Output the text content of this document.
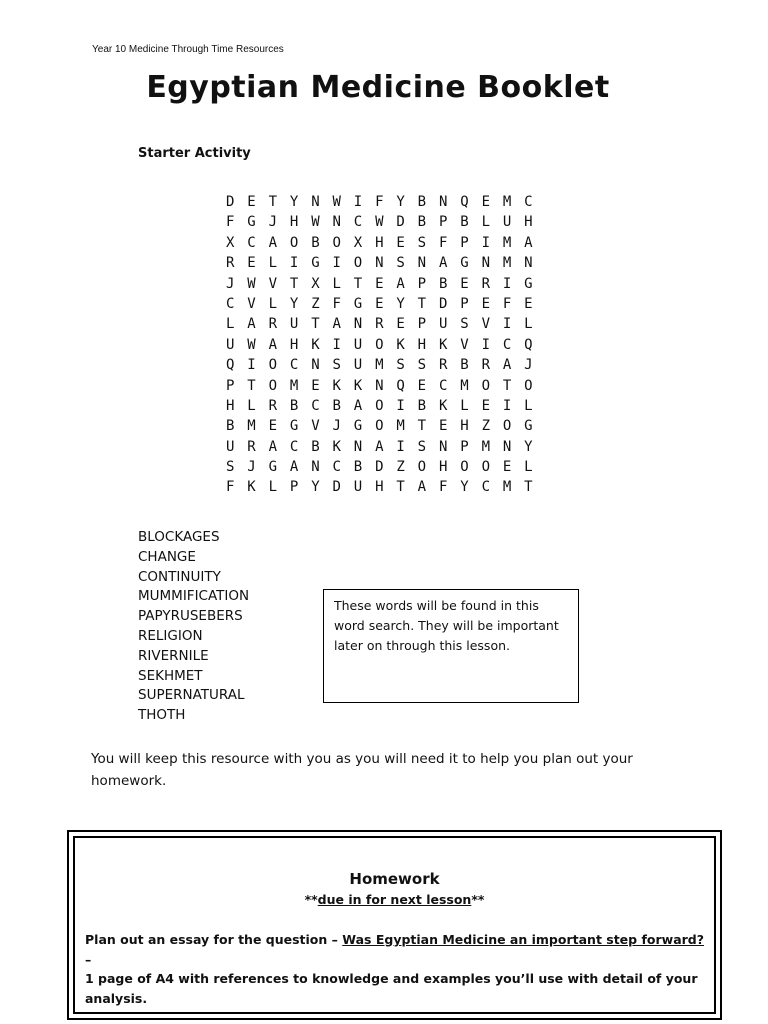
Year 10 Medicine Through Time Resources
Egyptian Medicine Booklet
Starter Activity
D E T Y N W I F Y B N Q E M C
F G J H W N C W D B P B L U H
X C A O B O X H E S F P I M A
R E L I G I O N S N A G N M N
J W V T X L T E A P B E R I G
C V L Y Z F G E Y T D P E F E
L A R U T A N R E P U S V I L
U W A H K I U O K H K V I C Q
Q I O C N S U M S S R B R A J
P T O M E K K N Q E C M O T O
H L R B C B A O I B K L E I L
B M E G V J G O M T E H Z O G
U R A C B K N A I S N P M N Y
S J G A N C B D Z O H O O E L
F K L P Y D U H T A F Y C M T
BLOCKAGES
CHANGE
CONTINUITY
MUMMIFICATION
PAPYRUSEBERS
RELIGION
RIVERNILE
SEKHMET
SUPERNATURAL
THOTH
These words will be found in this word search. They will be important later on through this lesson.
You will keep this resource with you as you will need it to help you plan out your homework.
Homework
**due in for next lesson**
Plan out an essay for the question – Was Egyptian Medicine an important step forward? –
1 page of A4 with references to knowledge and examples you’ll use with detail of your analysis.
